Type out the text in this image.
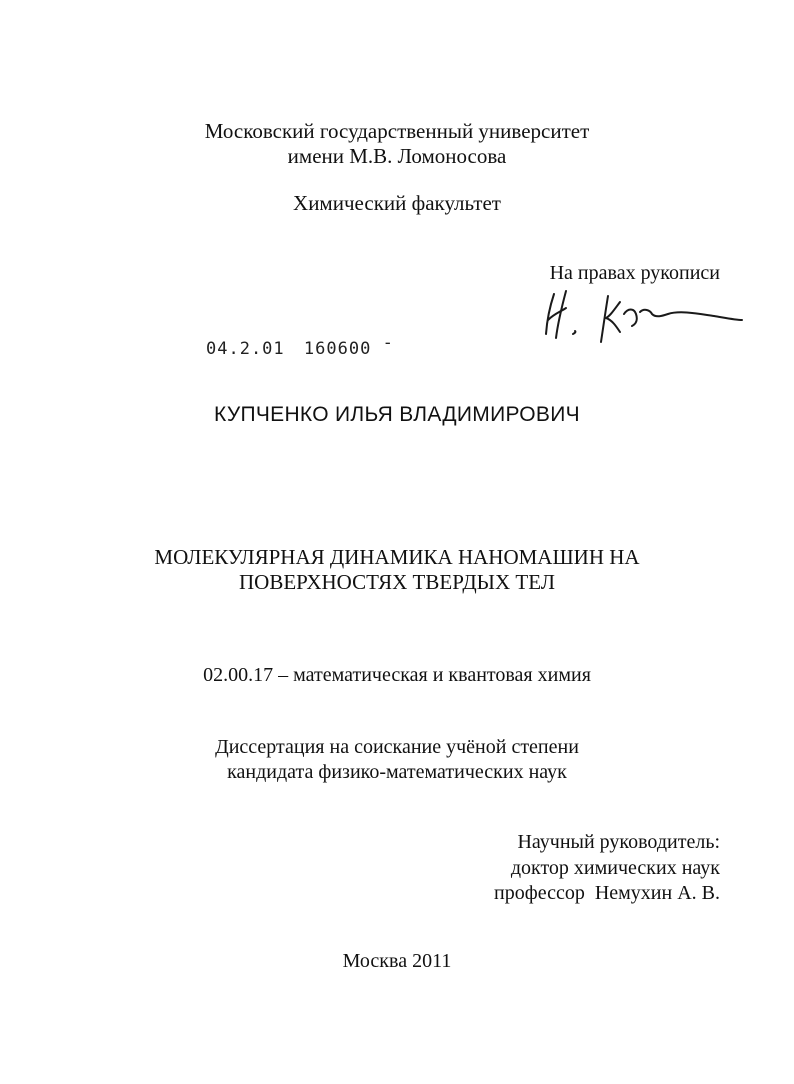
Московский государственный университет
имени М.В. Ломоносова
Химический факультет
На правах рукописи
04.2.01 160600 -
КУПЧЕНКО ИЛЬЯ ВЛАДИМИРОВИЧ
МОЛЕКУЛЯРНАЯ ДИНАМИКА НАНОМАШИН НА
ПОВЕРХНОСТЯХ ТВЕРДЫХ ТЕЛ
02.00.17 – математическая и квантовая химия
Диссертация на соискание учёной степени
кандидата физико-математических наук
Научный руководитель:
доктор химических наук
профессор  Немухин А. В.
Москва 2011
